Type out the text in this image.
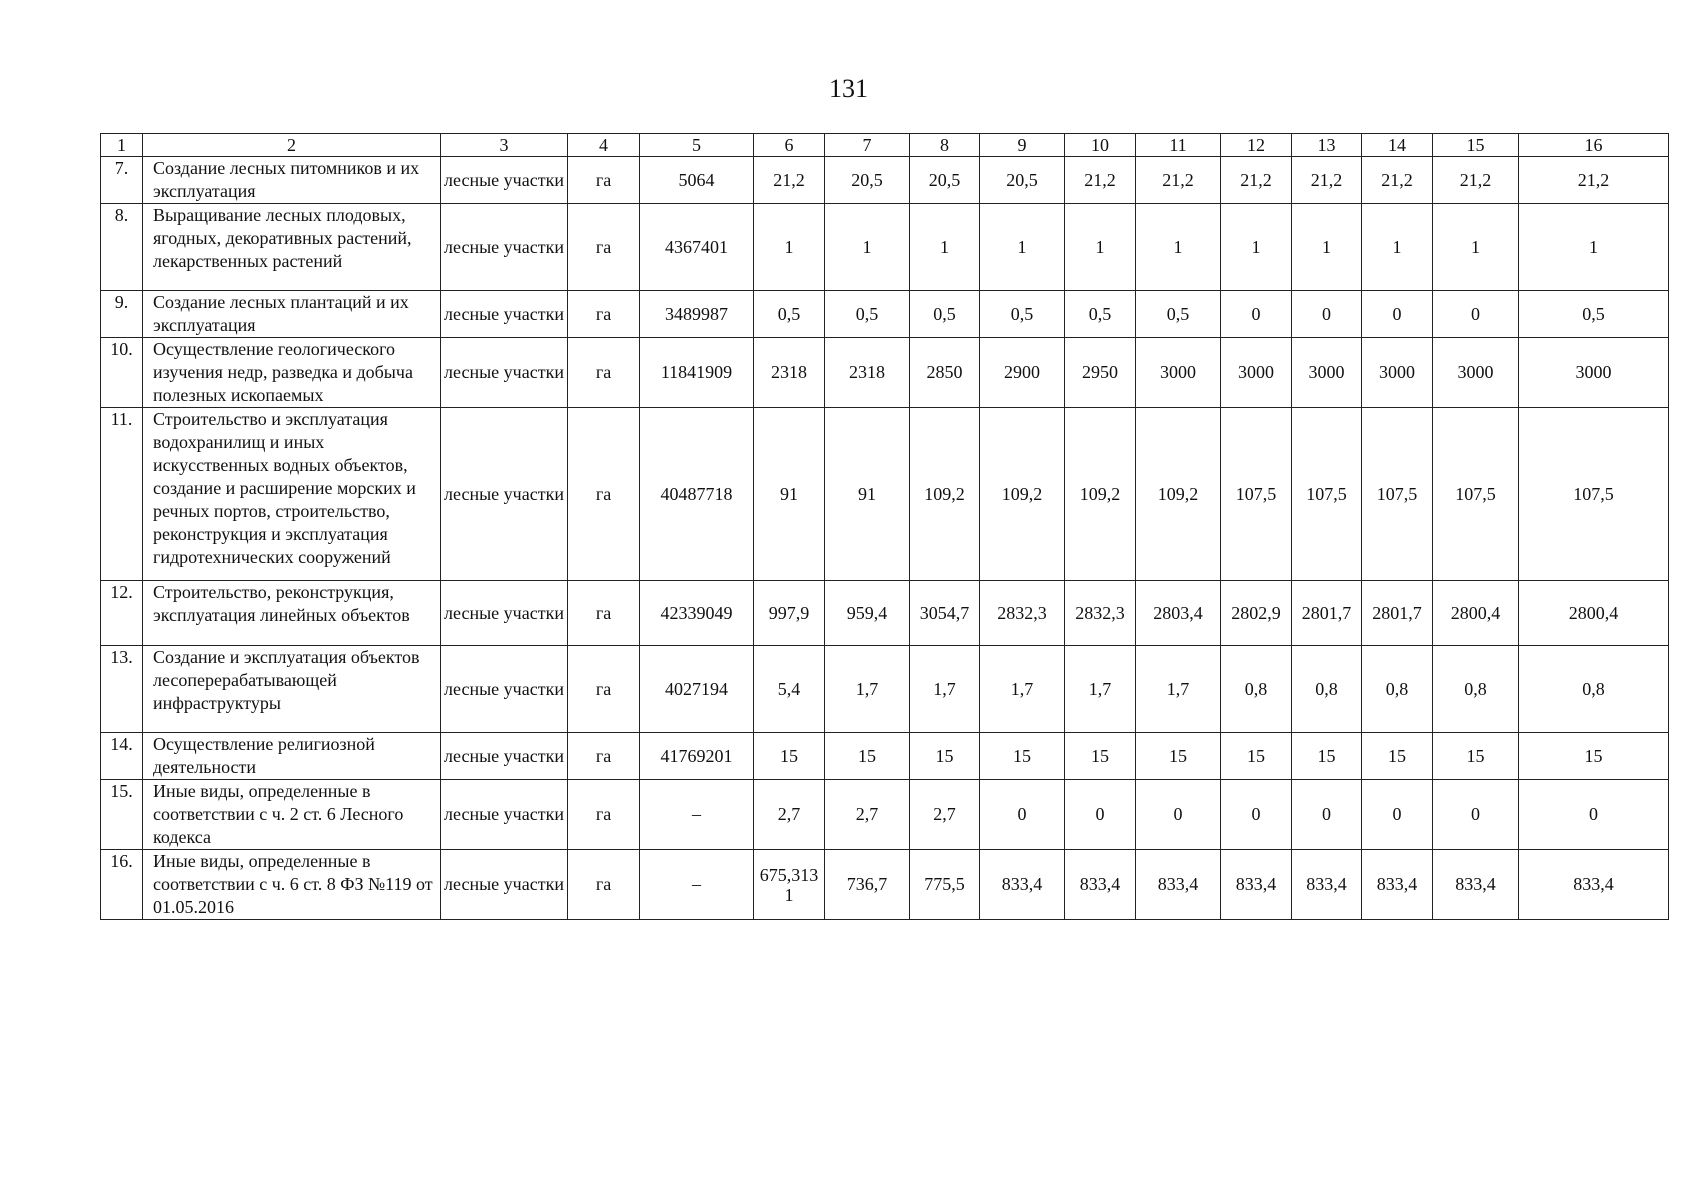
131
1	2	3	4	5	6	7	8	9	10	11	12	13	14	15	16
7.	Создание лесных питомников и их эксплуатация	лесные участки	га	5064	21,2	20,5	20,5	20,5	21,2	21,2	21,2	21,2	21,2	21,2	21,2
8.	Выращивание лесных плодовых, ягодных, декоративных растений, лекарственных растений	лесные участки	га	4367401	1	1	1	1	1	1	1	1	1	1	1
9.	Создание лесных плантаций и их эксплуатация	лесные участки	га	3489987	0,5	0,5	0,5	0,5	0,5	0,5	0	0	0	0	0,5
10.	Осуществление геологического изучения недр, разведка и добыча полезных ископаемых	лесные участки	га	11841909	2318	2318	2850	2900	2950	3000	3000	3000	3000	3000	3000
11.	Строительство и эксплуатация водохранилищ и иных искусственных водных объектов, создание и расширение морских и речных портов, строительство, реконструкция и эксплуатация гидротехнических сооружений	лесные участки	га	40487718	91	91	109,2	109,2	109,2	109,2	107,5	107,5	107,5	107,5	107,5
12.	Строительство, реконструкция, эксплуатация линейных объектов	лесные участки	га	42339049	997,9	959,4	3054,7	2832,3	2832,3	2803,4	2802,9	2801,7	2801,7	2800,4	2800,4
13.	Создание и эксплуатация объектов лесоперерабатывающей инфраструктуры	лесные участки	га	4027194	5,4	1,7	1,7	1,7	1,7	1,7	0,8	0,8	0,8	0,8	0,8
14.	Осуществление религиозной деятельности	лесные участки	га	41769201	15	15	15	15	15	15	15	15	15	15	15
15.	Иные виды, определенные в соответствии с ч. 2 ст. 6 Лесного кодекса	лесные участки	га	–	2,7	2,7	2,7	0	0	0	0	0	0	0	0
16.	Иные виды, определенные в соответствии с ч. 6 ст. 8 ФЗ №119 от 01.05.2016	лесные участки	га	–	675,3131	736,7	775,5	833,4	833,4	833,4	833,4	833,4	833,4	833,4	833,4
